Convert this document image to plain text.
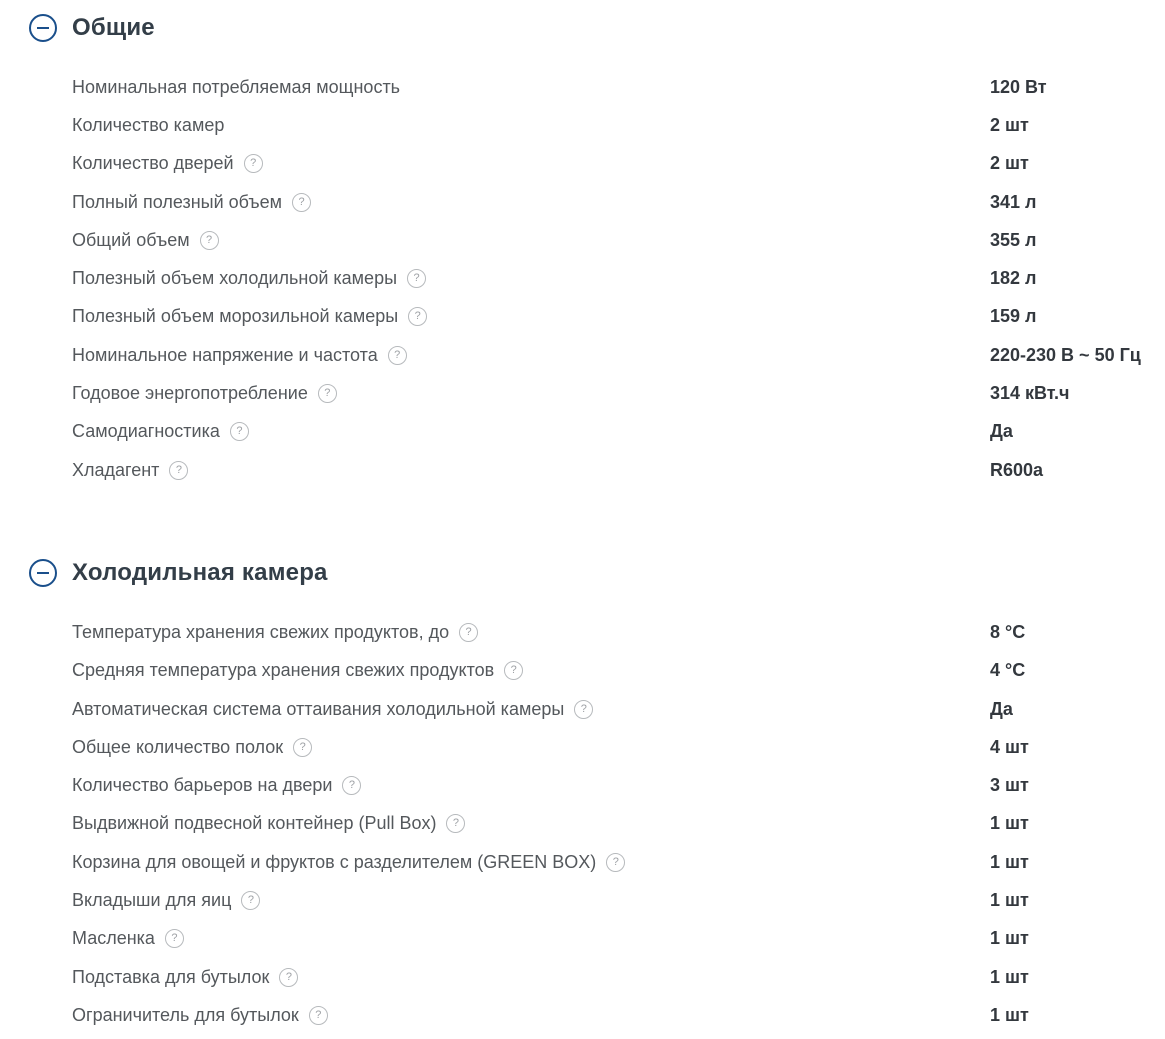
Общие
Номинальная потребляемая мощность	120 Вт
Количество камер	2 шт
Количество дверей	?	2 шт
Полный полезный объем	?	341 л
Общий объем	?	355 л
Полезный объем холодильной камеры	?	182 л
Полезный объем морозильной камеры	?	159 л
Номинальное напряжение и частота	?	220-230 В ~ 50 Гц
Годовое энергопотребление	?	314 кВт.ч
Самодиагностика	?	Да
Хладагент	?	R600a
Холодильная камера
Температура хранения свежих продуктов, до	?	8 °C
Средняя температура хранения свежих продуктов	?	4 °C
Автоматическая система оттаивания холодильной камеры	?	Да
Общее количество полок	?	4 шт
Количество барьеров на двери	?	3 шт
Выдвижной подвесной контейнер (Pull Box)	?	1 шт
Корзина для овощей и фруктов с разделителем (GREEN BOX)	?	1 шт
Вкладыши для яиц	?	1 шт
Масленка	?	1 шт
Подставка для бутылок	?	1 шт
Ограничитель для бутылок	?	1 шт
